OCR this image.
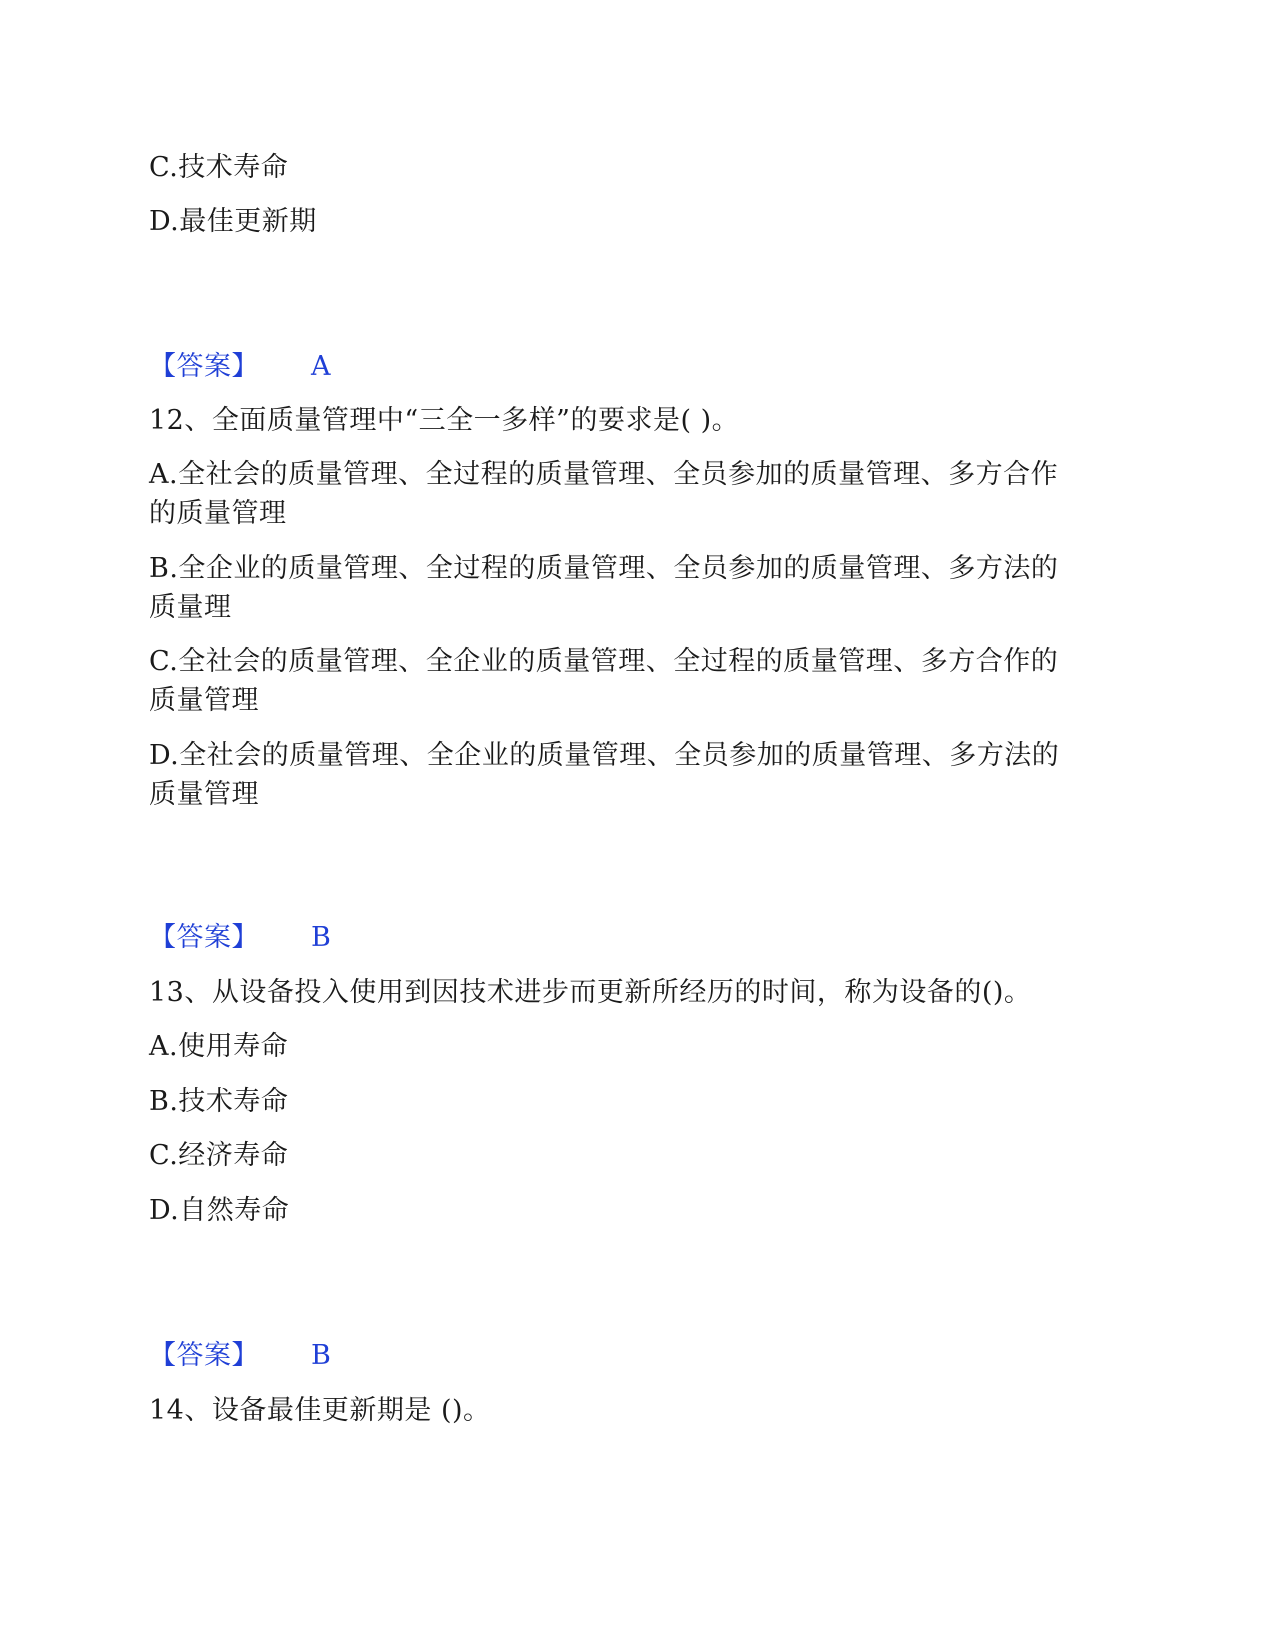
C.技术寿命
D.最佳更新期
【答案】 A
12、全面质量管理中“三全一多样”的要求是( )。
A.全社会的质量管理、全过程的质量管理、全员参加的质量管理、多方合作
的质量管理
B.全企业的质量管理、全过程的质量管理、全员参加的质量管理、多方法的
质量理
C.全社会的质量管理、全企业的质量管理、全过程的质量管理、多方合作的
质量管理
D.全社会的质量管理、全企业的质量管理、全员参加的质量管理、多方法的
质量管理
【答案】 B
13、从设备投入使用到因技术进步而更新所经历的时间，称为设备的()。
A.使用寿命
B.技术寿命
C.经济寿命
D.自然寿命
【答案】 B
14、设备最佳更新期是 ()。
